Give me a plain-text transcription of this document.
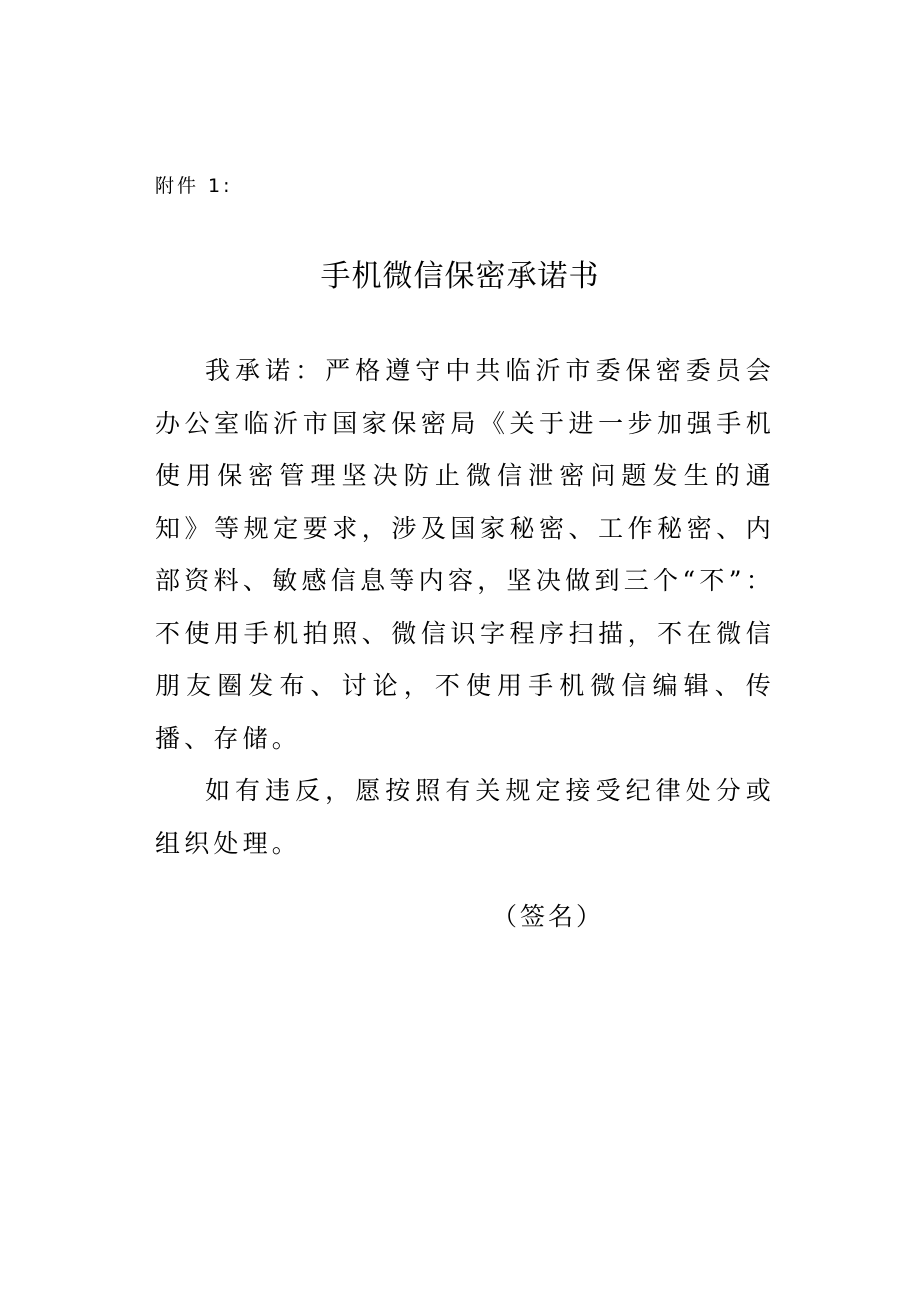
附件 1:
手机微信保密承诺书

我承诺：严格遵守中共临沂市委保密委员会办公室临沂市国家保密局《关于进一步加强手机使用保密管理坚决防止微信泄密问题发生的通知》等规定要求，涉及国家秘密、工作秘密、内部资料、敏感信息等内容，坚决做到三个“不”：不使用手机拍照、微信识字程序扫描，不在微信朋友圈发布、讨论，不使用手机微信编辑、传播、存储。

如有违反，愿按照有关规定接受纪律处分或组织处理。

（签名）
